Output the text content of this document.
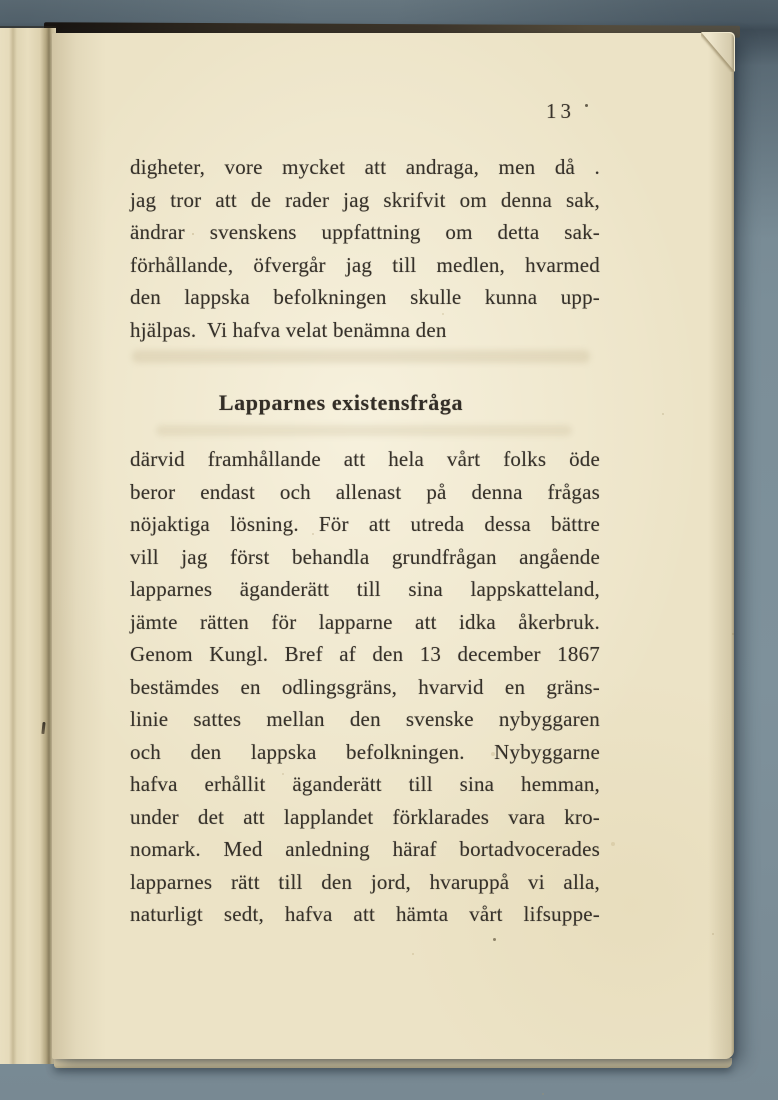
13
digheter, vore mycket att andraga, men då .
jag tror att de rader jag skrifvit om denna sak,
ändrar svenskens uppfattning om detta sak-
förhållande, öfvergår jag till medlen, hvarmed
den lappska befolkningen skulle kunna upp-
hjälpas. Vi hafva velat benämna den
Lapparnes existensfråga
därvid framhållande att hela vårt folks öde
beror endast och allenast på denna frågas
nöjaktiga lösning. För att utreda dessa bättre
vill jag först behandla grundfrågan angående
lapparnes äganderätt till sina lappskatteland,
jämte rätten för lapparne att idka åkerbruk.
Genom Kungl. Bref af den 13 december 1867
bestämdes en odlingsgräns, hvarvid en gräns-
linie sattes mellan den svenske nybyggaren
och den lappska befolkningen. Nybyggarne
hafva erhållit äganderätt till sina hemman,
under det att lapplandet förklarades vara kro-
nomark. Med anledning häraf bortadvocerades
lapparnes rätt till den jord, hvaruppå vi alla,
naturligt sedt, hafva att hämta vårt lifsuppe-
